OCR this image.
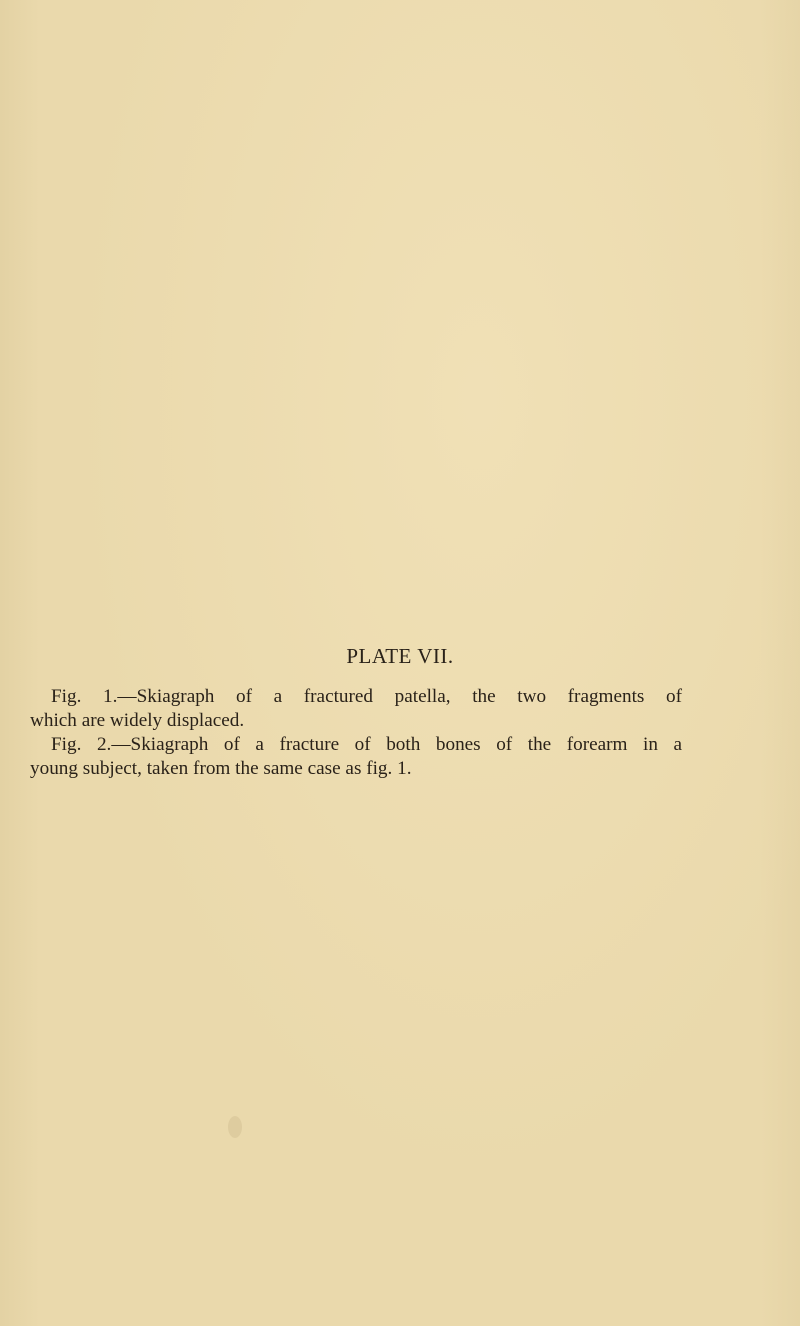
PLATE VII.
Fig. 1.—Skiagraph of a fractured patella, the two fragments of
which are widely displaced.
Fig. 2.—Skiagraph of a fracture of both bones of the forearm in a
young subject, taken from the same case as fig. 1.
